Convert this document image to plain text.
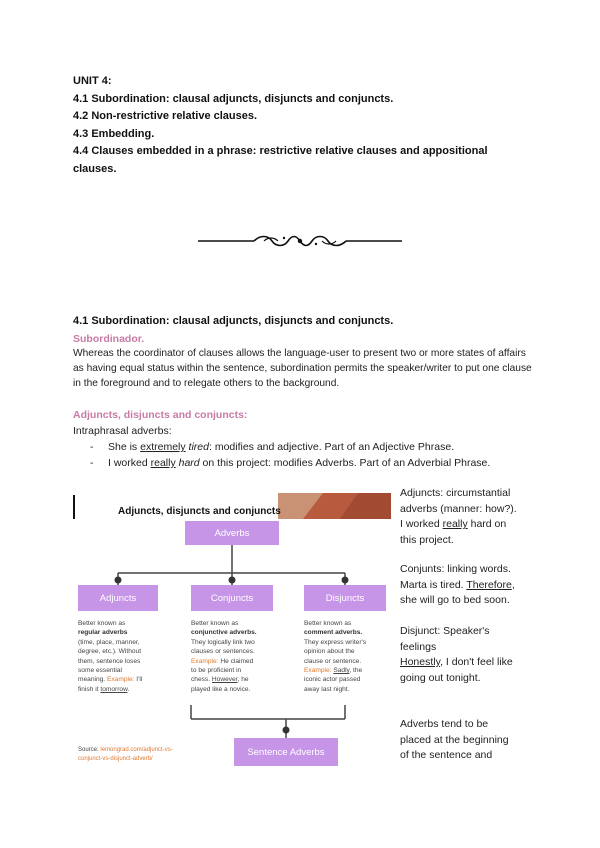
UNIT 4:
4.1 Subordination: clausal adjuncts, disjuncts and conjuncts.
4.2 Non-restrictive relative clauses.
4.3 Embedding.
4.4 Clauses embedded in a phrase: restrictive relative clauses and appositional
clauses.
4.1 Subordination: clausal adjuncts, disjuncts and conjuncts.
Subordinador.
Whereas the coordinator of clauses allows the language-user to present two or more states of affairs as having equal status within the sentence, subordination permits the speaker/writer to put one clause in the foreground and to relegate others to the background.
Adjuncts, disjuncts and conjuncts:
Intraphrasal adverbs:
- She is extremely tired: modifies and adjective. Part of an Adjective Phrase.
- I worked really hard on this project: modifies Adverbs. Part of an Adverbial Phrase.
Adjuncts, disjuncts and conjuncts
Adverbs
Adjuncts	Conjuncts	Disjuncts
Sentence Adverbs
Better known as
regular adverbs
(time, place, manner,
degree, etc.). Without
them, sentence loses
some essential
meaning. Example: I'll
finish it tomorrow.
Better known as
conjunctive adverbs.
They logically link two
clauses or sentences.
Example: He claimed
to be proficient in
chess. However, he
played like a novice.
Better known as
comment adverbs.
They express writer's
opinion about the
clause or sentence.
Example: Sadly, the
iconic actor passed
away last night.
Source: lemongrad.com/adjunct-vs-
conjunct-vs-disjunct-adverb/
Adjuncts: circumstantial
adverbs (manner: how?).
I worked really hard on
this project.
Conjunts: linking words.
Marta is tired. Therefore,
she will go to bed soon.
Disjunct: Speaker's
feelings
Honestly, I don't feel like
going out tonight.
Adverbs tend to be
placed at the beginning
of the sentence and
